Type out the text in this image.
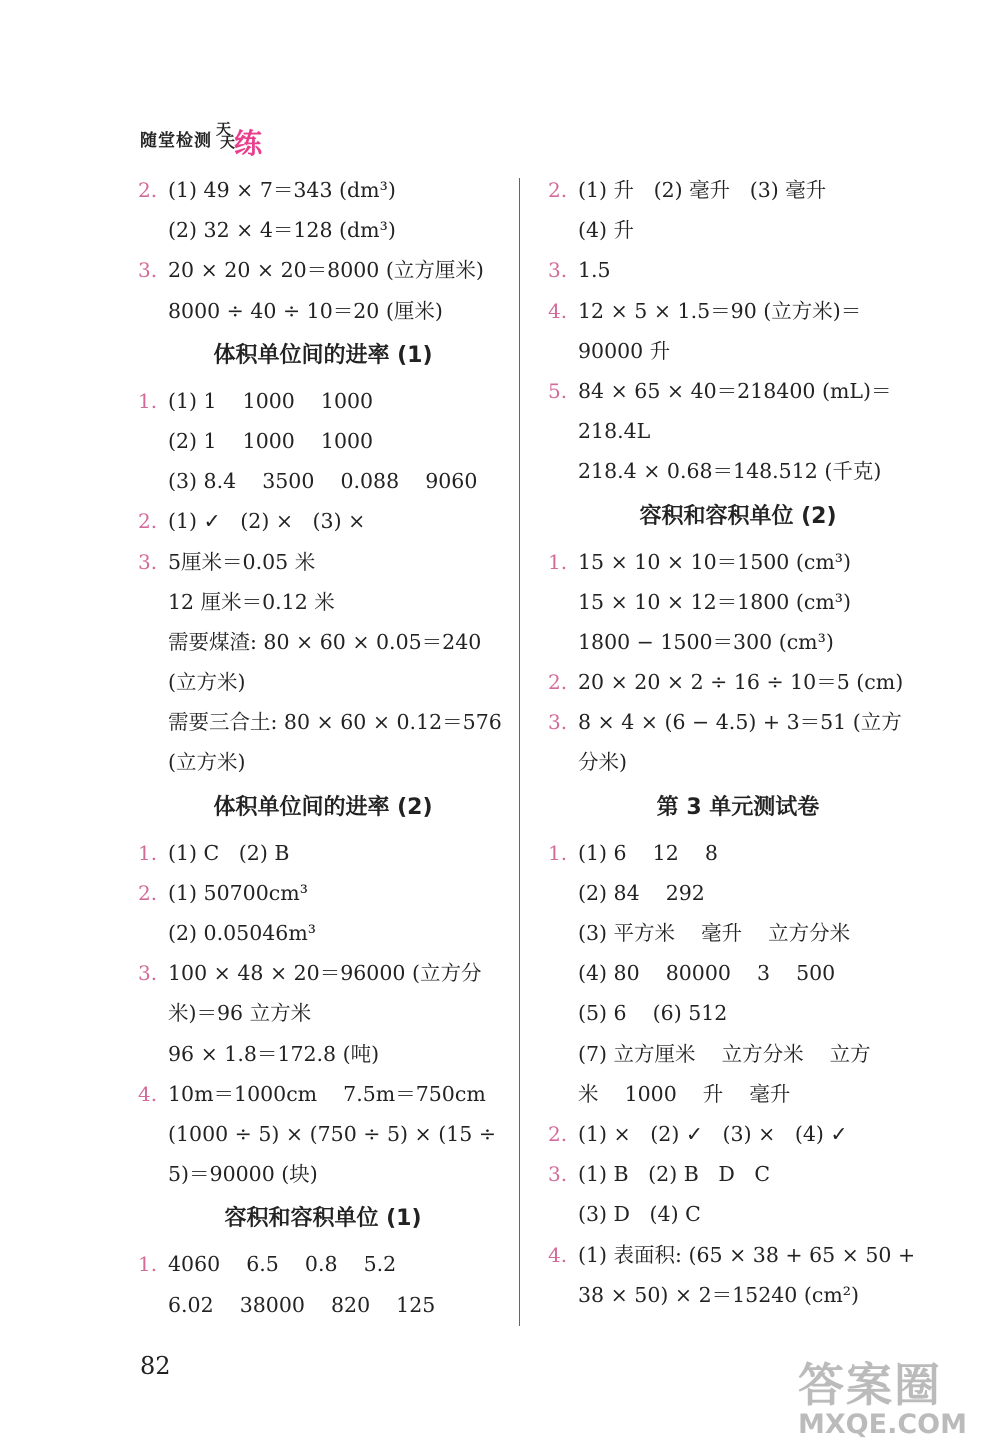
随堂检测
天
天
练
2. (1) 49 × 7＝343 (dm³)
(2) 32 × 4＝128 (dm³)
3. 20 × 20 × 20＝8000 (立方厘米)
8000 ÷ 40 ÷ 10＝20 (厘米)
体积单位间的进率 (1)
1. (1) 1    1000    1000
(2) 1    1000    1000
(3) 8.4    3500    0.088    9060
2. (1) ✓   (2) ×   (3) ×
3. 5厘米＝0.05 米
12 厘米＝0.12 米
需要煤渣: 80 × 60 × 0.05＝240
(立方米)
需要三合土: 80 × 60 × 0.12＝576
(立方米)
体积单位间的进率 (2)
1. (1) C   (2) B
2. (1) 50700cm³
(2) 0.05046m³
3. 100 × 48 × 20＝96000 (立方分
米)＝96 立方米
96 × 1.8＝172.8 (吨)
4. 10m＝1000cm    7.5m＝750cm
(1000 ÷ 5) × (750 ÷ 5) × (15 ÷
5)＝90000 (块)
容积和容积单位 (1)
1. 4060    6.5    0.8    5.2
6.02    38000    820    125
2. (1) 升   (2) 毫升   (3) 毫升
(4) 升
3. 1.5
4. 12 × 5 × 1.5＝90 (立方米)＝
90000 升
5. 84 × 65 × 40＝218400 (mL)＝
218.4L
218.4 × 0.68＝148.512 (千克)
容积和容积单位 (2)
1. 15 × 10 × 10＝1500 (cm³)
15 × 10 × 12＝1800 (cm³)
1800 − 1500＝300 (cm³)
2. 20 × 20 × 2 ÷ 16 ÷ 10＝5 (cm)
3. 8 × 4 × (6 − 4.5) + 3＝51 (立方
分米)
第 3 单元测试卷
1. (1) 6    12    8
(2) 84    292
(3) 平方米    毫升    立方分米
(4) 80    80000    3    500
(5) 6    (6) 512
(7) 立方厘米    立方分米    立方
米    1000    升    毫升
2. (1) ×   (2) ✓   (3) ×   (4) ✓
3. (1) B   (2) B   D   C
(3) D   (4) C
4. (1) 表面积: (65 × 38 + 65 × 50 +
38 × 50) × 2＝15240 (cm²)
82	答案圈
MXQE.COM
